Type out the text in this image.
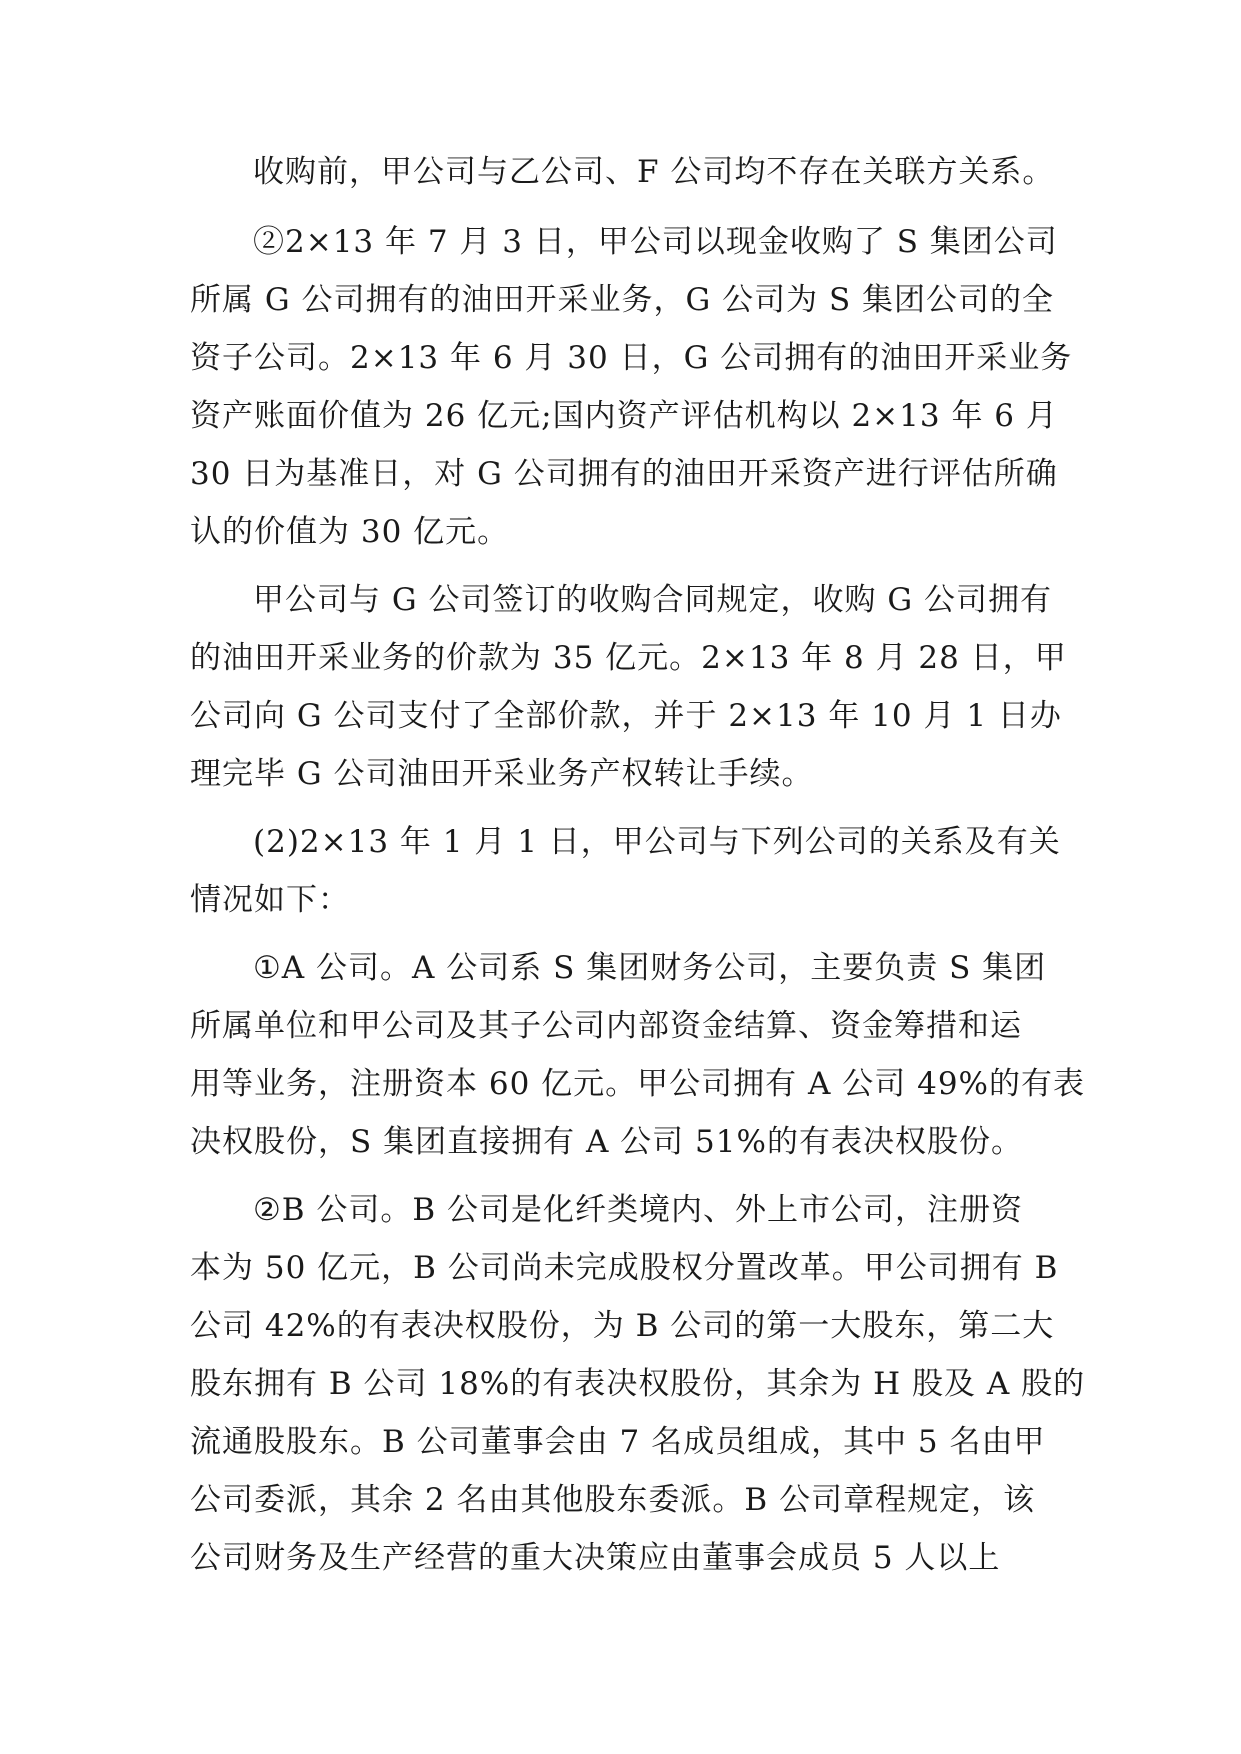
收购前，甲公司与乙公司、F 公司均不存在关联方关系。
②2×13 年 7 月 3 日，甲公司以现金收购了 S 集团公司
所属 G 公司拥有的油田开采业务，G 公司为 S 集团公司的全
资子公司。2×13 年 6 月 30 日，G 公司拥有的油田开采业务
资产账面价值为 26 亿元;国内资产评估机构以 2×13 年 6 月
30 日为基准日，对 G 公司拥有的油田开采资产进行评估所确
认的价值为 30 亿元。
甲公司与 G 公司签订的收购合同规定，收购 G 公司拥有
的油田开采业务的价款为 35 亿元。2×13 年 8 月 28 日，甲
公司向 G 公司支付了全部价款，并于 2×13 年 10 月 1 日办
理完毕 G 公司油田开采业务产权转让手续。
(2)2×13 年 1 月 1 日，甲公司与下列公司的关系及有关
情况如下：
①A 公司。A 公司系 S 集团财务公司，主要负责 S 集团
所属单位和甲公司及其子公司内部资金结算、资金筹措和运
用等业务，注册资本 60 亿元。甲公司拥有 A 公司 49%的有表
决权股份，S 集团直接拥有 A 公司 51%的有表决权股份。
②B 公司。B 公司是化纤类境内、外上市公司，注册资
本为 50 亿元，B 公司尚未完成股权分置改革。甲公司拥有 B
公司 42%的有表决权股份，为 B 公司的第一大股东，第二大
股东拥有 B 公司 18%的有表决权股份，其余为 H 股及 A 股的
流通股股东。B 公司董事会由 7 名成员组成，其中 5 名由甲
公司委派，其余 2 名由其他股东委派。B 公司章程规定，该
公司财务及生产经营的重大决策应由董事会成员 5 人以上
